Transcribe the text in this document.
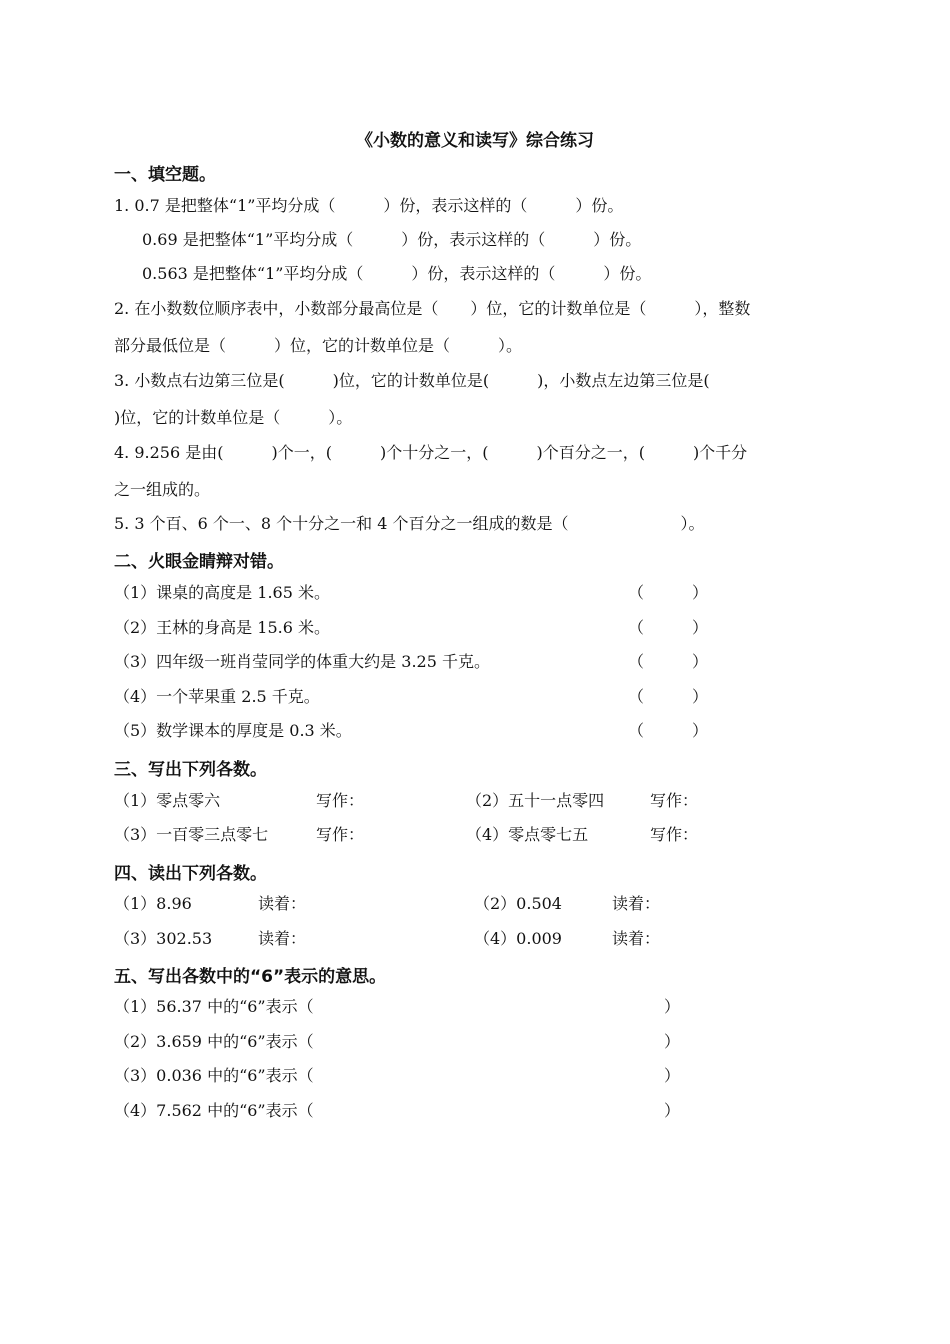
《小数的意义和读写》综合练习
一、填空题。
1. 0.7 是把整体“1”平均分成（　　　）份，表示这样的（　　　）份。
0.69 是把整体“1”平均分成（　　　）份，表示这样的（　　　）份。
0.563 是把整体“1”平均分成（　　　）份，表示这样的（　　　）份。
2. 在小数数位顺序表中，小数部分最高位是（　　）位，它的计数单位是（　　　），整数
部分最低位是（　　　）位，它的计数单位是（　　　）。
3. 小数点右边第三位是(　　　)位，它的计数单位是(　　　)，小数点左边第三位是(
)位，它的计数单位是（　　　）。
4. 9.256 是由(　　　)个一，(　　　)个十分之一，(　　　)个百分之一，(　　　)个千分
之一组成的。
5. 3 个百、6 个一、8 个十分之一和 4 个百分之一组成的数是（　　　　　　　）。
二、火眼金睛辩对错。
（1）课桌的高度是 1.65 米。	（　　　）
（2）王林的身高是 15.6 米。	（　　　）
（3）四年级一班肖莹同学的体重大约是 3.25 千克。	（　　　）
（4）一个苹果重 2.5 千克。	（　　　）
（5）数学课本的厚度是 0.3 米。	（　　　）
三、写出下列各数。
（1）零点零六	写作：	（2）五十一点零四	写作：
（3）一百零三点零七	写作：	（4）零点零七五	写作：
四、读出下列各数。
（1）8.96	读着：	（2）0.504	读着：
（3）302.53	读着：	（4）0.009	读着：
五、写出各数中的“6”表示的意思。
（1）56.37 中的“6”表示（	）
（2）3.659 中的“6”表示（	）
（3）0.036 中的“6”表示（	）
（4）7.562 中的“6”表示（	）
